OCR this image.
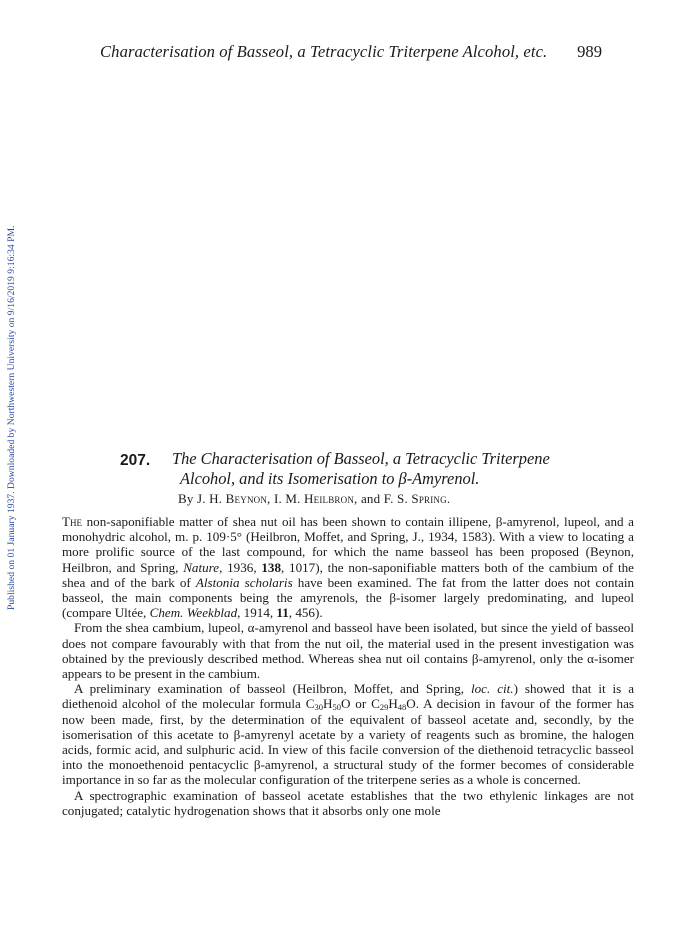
Published on 01 January 1937. Downloaded by Northwestern University on 9/16/2019 9:16:34 PM.
Characterisation of Basseol, a Tetracyclic Triterpene Alcohol, etc. 989
207. The Characterisation of Basseol, a Tetracyclic Triterpene
Alcohol, and its Isomerisation to β-Amyrenol.
By J. H. Beynon, I. M. Heilbron, and F. S. Spring.

The non-saponifiable matter of shea nut oil has been shown to contain illipene, β-amyrenol, lupeol, and a monohydric alcohol, m. p. 109·5° (Heilbron, Moffet, and Spring, J., 1934, 1583). With a view to locating a more prolific source of the last compound, for which the name basseol has been proposed (Beynon, Heilbron, and Spring, Nature, 1936, 138, 1017), the non-saponifiable matters both of the cambium of the shea and of the bark of Alstonia scholaris have been examined. The fat from the latter does not contain basseol, the main components being the amyrenols, the β-isomer largely predominating, and lupeol (compare Ultée, Chem. Weekblad, 1914, 11, 456).

From the shea cambium, lupeol, α-amyrenol and basseol have been isolated, but since the yield of basseol does not compare favourably with that from the nut oil, the material used in the present investigation was obtained by the previously described method. Whereas shea nut oil contains β-amyrenol, only the α-isomer appears to be present in the cambium.

A preliminary examination of basseol (Heilbron, Moffet, and Spring, loc. cit.) showed that it is a diethenoid alcohol of the molecular formula $C_{30}H_{50}O$ or $C_{29}H_{48}O$. A decision in favour of the former has now been made, first, by the determination of the equivalent of basseol acetate and, secondly, by the isomerisation of this acetate to β-amyrenyl acetate by a variety of reagents such as bromine, the halogen acids, formic acid, and sulphuric acid. In view of this facile conversion of the diethenoid tetracyclic basseol into the monoethenoid pentacyclic β-amyrenol, a structural study of the former becomes of considerable importance in so far as the molecular configuration of the triterpene series as a whole is concerned.

A spectrographic examination of basseol acetate establishes that the two ethylenic linkages are not conjugated; catalytic hydrogenation shows that it absorbs only one mole
